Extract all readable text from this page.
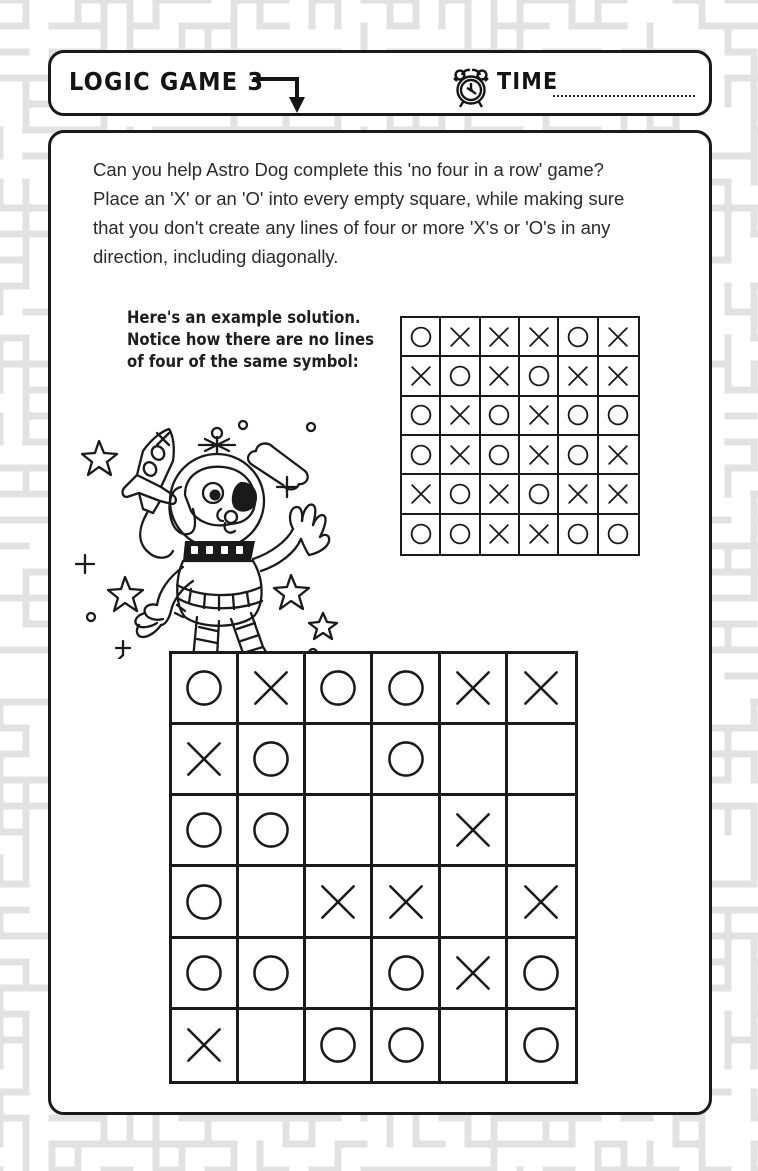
LOGIC GAME 3	TIME
Can you help Astro Dog complete this 'no four in a row' game?
Place an 'X' or an 'O' into every empty square, while making sure
that you don't create any lines of four or more 'X's or 'O's in any
direction, including diagonally.
Here's an example solution.
Notice how there are no lines
of four of the same symbol:
